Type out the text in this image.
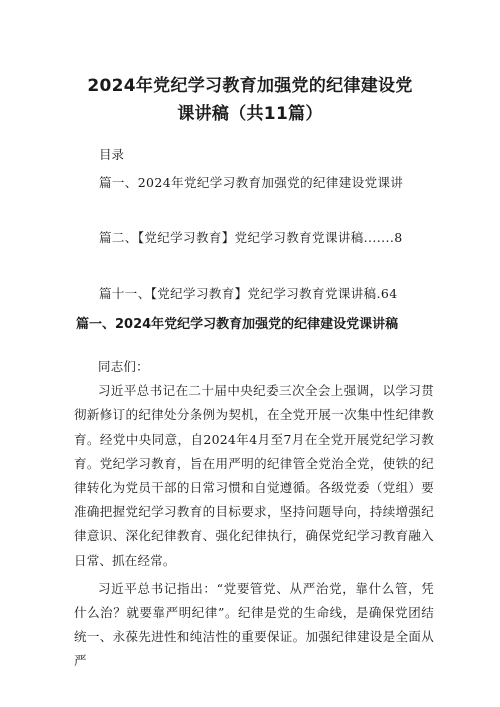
2024年党纪学习教育加强党的纪律建设党
课讲稿（共11篇）
目录
篇一、2024年党纪学习教育加强党的纪律建设党课讲
篇二、【党纪学习教育】党纪学习教育党课讲稿.......8
篇十一、【党纪学习教育】党纪学习教育党课讲稿.64
篇一、2024年党纪学习教育加强党的纪律建设党课讲稿

同志们：

习近平总书记在二十届中央纪委三次全会上强调，以学习贯彻新修订的纪律处分条例为契机，在全党开展一次集中性纪律教育。经党中央同意，自2024年4月至7月在全党开展党纪学习教育。党纪学习教育，旨在用严明的纪律管全党治全党，使铁的纪律转化为党员干部的日常习惯和自觉遵循。各级党委（党组）要准确把握党纪学习教育的目标要求，坚持问题导向，持续增强纪律意识、深化纪律教育、强化纪律执行，确保党纪学习教育融入日常、抓在经常。

习近平总书记指出：“党要管党、从严治党，靠什么管，凭什么治？就要靠严明纪律”。纪律是党的生命线，是确保党团结统一、永葆先进性和纯洁性的重要保证。加强纪律建设是全面从严
